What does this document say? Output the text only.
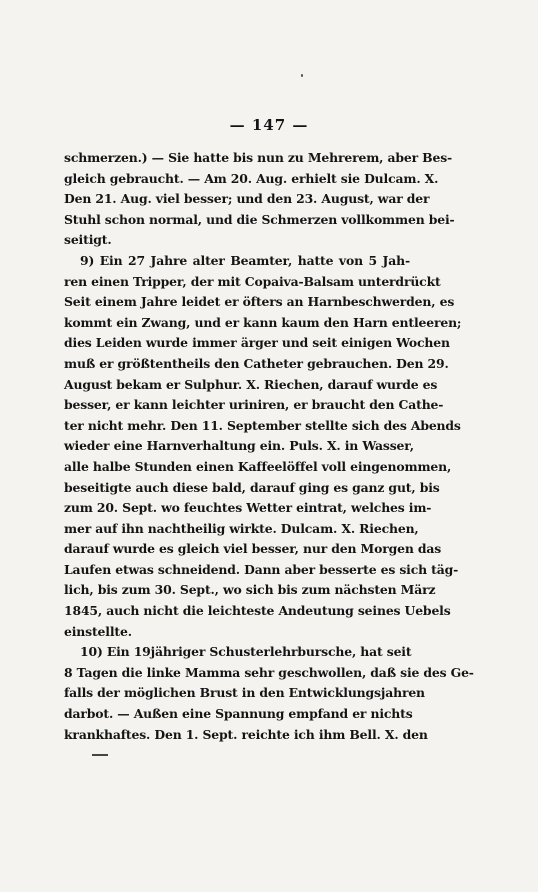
— 147 —
schmerzen.) — Sie hatte bis nun zu Mehrerem, aber Bes-
gleich gebraucht. — Am 20. Aug. erhielt sie Dulcam. X.
Den 21. Aug. viel besser; und den 23. August, war der
Stuhl schon normal, und die Schmerzen vollkommen bei-
seitigt.
9) Ein 27 Jahre alter Beamter, hatte von 5 Jah-
ren einen Tripper, der mit Copaiva-Balsam unterdrückt
Seit einem Jahre leidet er öfters an Harnbeschwerden, es
kommt ein Zwang, und er kann kaum den Harn entleeren;
dies Leiden wurde immer ärger und seit einigen Wochen
muß er größtentheils den Catheter gebrauchen. Den 29.
August bekam er Sulphur. X. Riechen, darauf wurde es
besser, er kann leichter uriniren, er braucht den Cathe-
ter nicht mehr. Den 11. September stellte sich des Abends
wieder eine Harnverhaltung ein. Puls. X. in Wasser,
alle halbe Stunden einen Kaffeelöffel voll eingenommen,
beseitigte auch diese bald, darauf ging es ganz gut, bis
zum 20. Sept. wo feuchtes Wetter eintrat, welches im-
mer auf ihn nachtheilig wirkte. Dulcam. X. Riechen,
darauf wurde es gleich viel besser, nur den Morgen das
Laufen etwas schneidend. Dann aber besserte es sich täg-
lich, bis zum 30. Sept., wo sich bis zum nächsten März
1845, auch nicht die leichteste Andeutung seines Uebels
einstellte.
10) Ein 19jähriger Schusterlehrbursche, hat seit
8 Tagen die linke Mamma sehr geschwollen, daß sie des Ge-
falls der möglichen Brust in den Entwicklungsjahren
darbot. — Außen eine Spannung empfand er nichts
krankhaftes. Den 1. Sept. reichte ich ihm Bell. X. den
